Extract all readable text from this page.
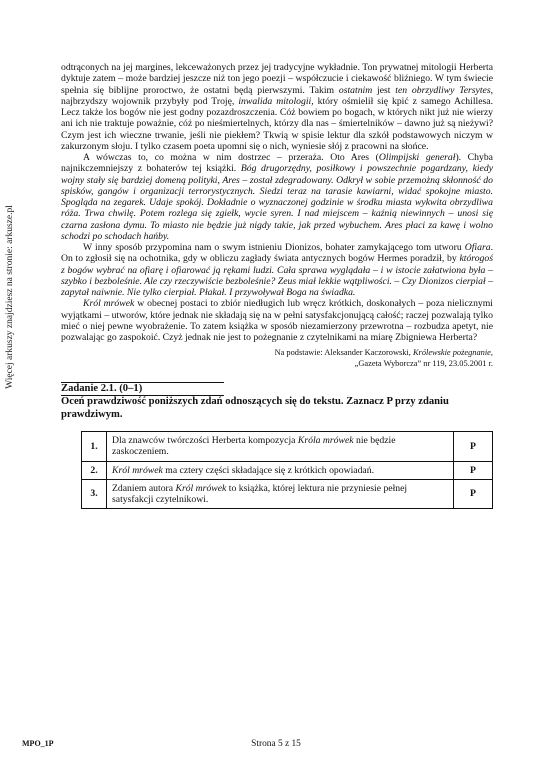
Więcej arkuszy znajdziesz na stronie: arkusze.pl

odtrąconych na jej margines, lekceważonych przez jej tradycyjne wykładnie. Ton prywatnej mitologii Herberta dyktuje zatem – może bardziej jeszcze niż ton jego poezji – współczucie i ciekawość bliźniego. W tym świecie spełnia się biblijne proroctwo, że ostatni będą pierwszymi. Takim ostatnim jest ten obrzydliwy Tersytes, najbrzydszy wojownik przybyły pod Troję, inwalida mitologii, który ośmielił się kpić z samego Achillesa. Lecz także los bogów nie jest godny pozazdroszczenia. Cóż bowiem po bogach, w których nikt już nie wierzy ani ich nie traktuje poważnie, cóż po nieśmiertelnych, którzy dla nas – śmiertelników – dawno już są nieżywi? Czym jest ich wieczne trwanie, jeśli nie piekłem? Tkwią w spisie lektur dla szkół podstawowych niczym w zakurzonym słoju. I tylko czasem poeta upomni się o nich, wyniesie słój z pracowni na słońce.

A wówczas to, co można w nim dostrzec – przeraża. Oto Ares (Olimpijski generał). Chyba najnikczemniejszy z bohaterów tej książki. Bóg drugorzędny, posiłkowy i powszechnie pogardzany, kiedy wojny stały się bardziej domeną polityki, Ares – został zdegradowany. Odkrył w sobie przemożną skłonność do spisków, gangów i organizacji terrorystycznych. Siedzi teraz na tarasie kawiarni, widać spokojne miasto. Spogląda na zegarek. Udaje spokój. Dokładnie o wyznaczonej godzinie w środku miasta wykwita obrzydliwa róża. Trwa chwilę. Potem rozlega się zgiełk, wycie syren. I nad miejscem – kaźnią niewinnych – unosi się czarna zasłona dymu. To miasto nie będzie już nigdy takie, jak przed wybuchem. Ares płaci za kawę i wolno schodzi po schodach hańby.

W inny sposób przypomina nam o swym istnieniu Dionizos, bohater zamykającego tom utworu Ofiara. On to zgłosił się na ochotnika, gdy w obliczu zagłady świata antycznych bogów Hermes poradził, by którogoś z bogów wybrać na ofiarę i ofiarować ją rękami ludzi. Cała sprawa wyglądała – i w istocie załatwiona była – szybko i bezboleśnie. Ale czy rzeczywiście bezboleśnie? Zeus miał lekkie wątpliwości. – Czy Dionizos cierpiał – zapytał naiwnie. Nie tylko cierpiał. Płakał. I przywoływał Boga na świadka.

Król mrówek w obecnej postaci to zbiór niedługich lub wręcz krótkich, doskonałych – poza nielicznymi wyjątkami – utworów, które jednak nie składają się na w pełni satysfakcjonującą całość; raczej pozwalają tylko mieć o niej pewne wyobrażenie. To zatem książka w sposób niezamierzony przewrotna – rozbudza apetyt, nie pozwalając go zaspokoić. Czyż jednak nie jest to pożegnanie z czytelnikami na miarę Zbigniewa Herberta?

Na podstawie: Aleksander Kaczorowski, Królewskie pożegnanie,
„Gazeta Wyborcza” nr 119, 23.05.2001 r.
Zadanie 2.1. (0–1)
Oceń prawdziwość poniższych zdań odnoszących się do tekstu. Zaznacz P przy zdaniu prawdziwym.
1.	Dla znawców twórczości Herberta kompozycja Króla mrówek nie będzie zaskoczeniem.	P
2.	Król mrówek ma cztery części składające się z krótkich opowiadań.	P
3.	Zdaniem autora Król mrówek to książka, której lektura nie przyniesie pełnej satysfakcji czytelnikowi.	P
MPO_1P	Strona 5 z 15
